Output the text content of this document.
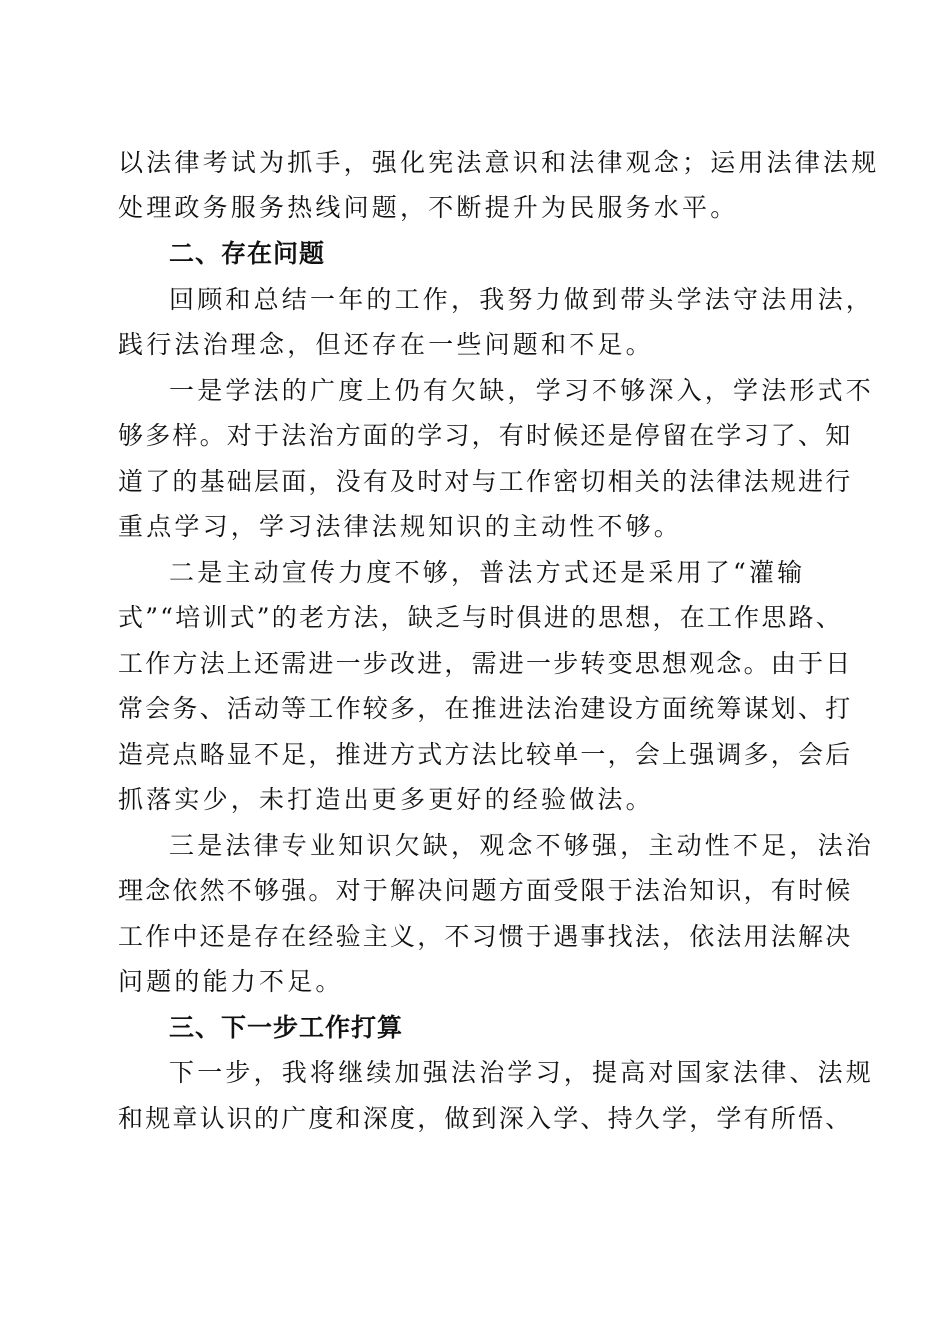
以法律考试为抓手，强化宪法意识和法律观念；运用法律法规
处理政务服务热线问题，不断提升为民服务水平。
二、存在问题
回顾和总结一年的工作，我努力做到带头学法守法用法，
践行法治理念，但还存在一些问题和不足。
一是学法的广度上仍有欠缺，学习不够深入，学法形式不
够多样。对于法治方面的学习，有时候还是停留在学习了、知
道了的基础层面，没有及时对与工作密切相关的法律法规进行
重点学习，学习法律法规知识的主动性不够。
二是主动宣传力度不够，普法方式还是采用了“灌输
式”“培训式”的老方法，缺乏与时俱进的思想，在工作思路、
工作方法上还需进一步改进，需进一步转变思想观念。由于日
常会务、活动等工作较多，在推进法治建设方面统筹谋划、打
造亮点略显不足，推进方式方法比较单一，会上强调多，会后
抓落实少，未打造出更多更好的经验做法。
三是法律专业知识欠缺，观念不够强，主动性不足，法治
理念依然不够强。对于解决问题方面受限于法治知识，有时候
工作中还是存在经验主义，不习惯于遇事找法，依法用法解决
问题的能力不足。
三、下一步工作打算
下一步，我将继续加强法治学习，提高对国家法律、法规
和规章认识的广度和深度，做到深入学、持久学，学有所悟、
